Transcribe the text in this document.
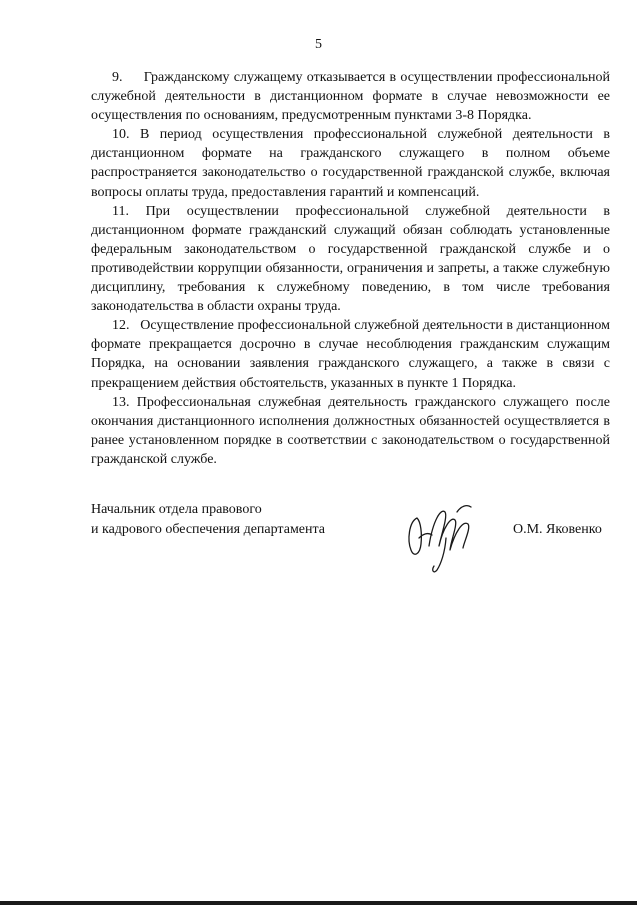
5

9. Гражданскому служащему отказывается в осуществлении профессиональной служебной деятельности в дистанционном формате в случае невозможности ее осуществления по основаниям, предусмотренным пунктами 3-8 Порядка.

10. В период осуществления профессиональной служебной деятельности в дистанционном формате на гражданского служащего в полном объеме распространяется законодательство о государственной гражданской службе, включая вопросы оплаты труда, предоставления гарантий и компенсаций.

11. При осуществлении профессиональной служебной деятельности в дистанционном формате гражданский служащий обязан соблюдать установленные федеральным законодательством о государственной гражданской службе и о противодействии коррупции обязанности, ограничения и запреты, а также служебную дисциплину, требования к служебному поведению, в том числе требования законодательства в области охраны труда.

12. Осуществление профессиональной служебной деятельности в дистанционном формате прекращается досрочно в случае несоблюдения гражданским служащим Порядка, на основании заявления гражданского служащего, а также в связи с прекращением действия обстоятельств, указанных в пункте 1 Порядка.

13. Профессиональная служебная деятельность гражданского служащего после окончания дистанционного исполнения должностных обязанностей осуществляется в ранее установленном порядке в соответствии с законодательством о государственной гражданской службе.

Начальник отдела правового
и кадрового обеспечения департамента	О.М. Яковенко
